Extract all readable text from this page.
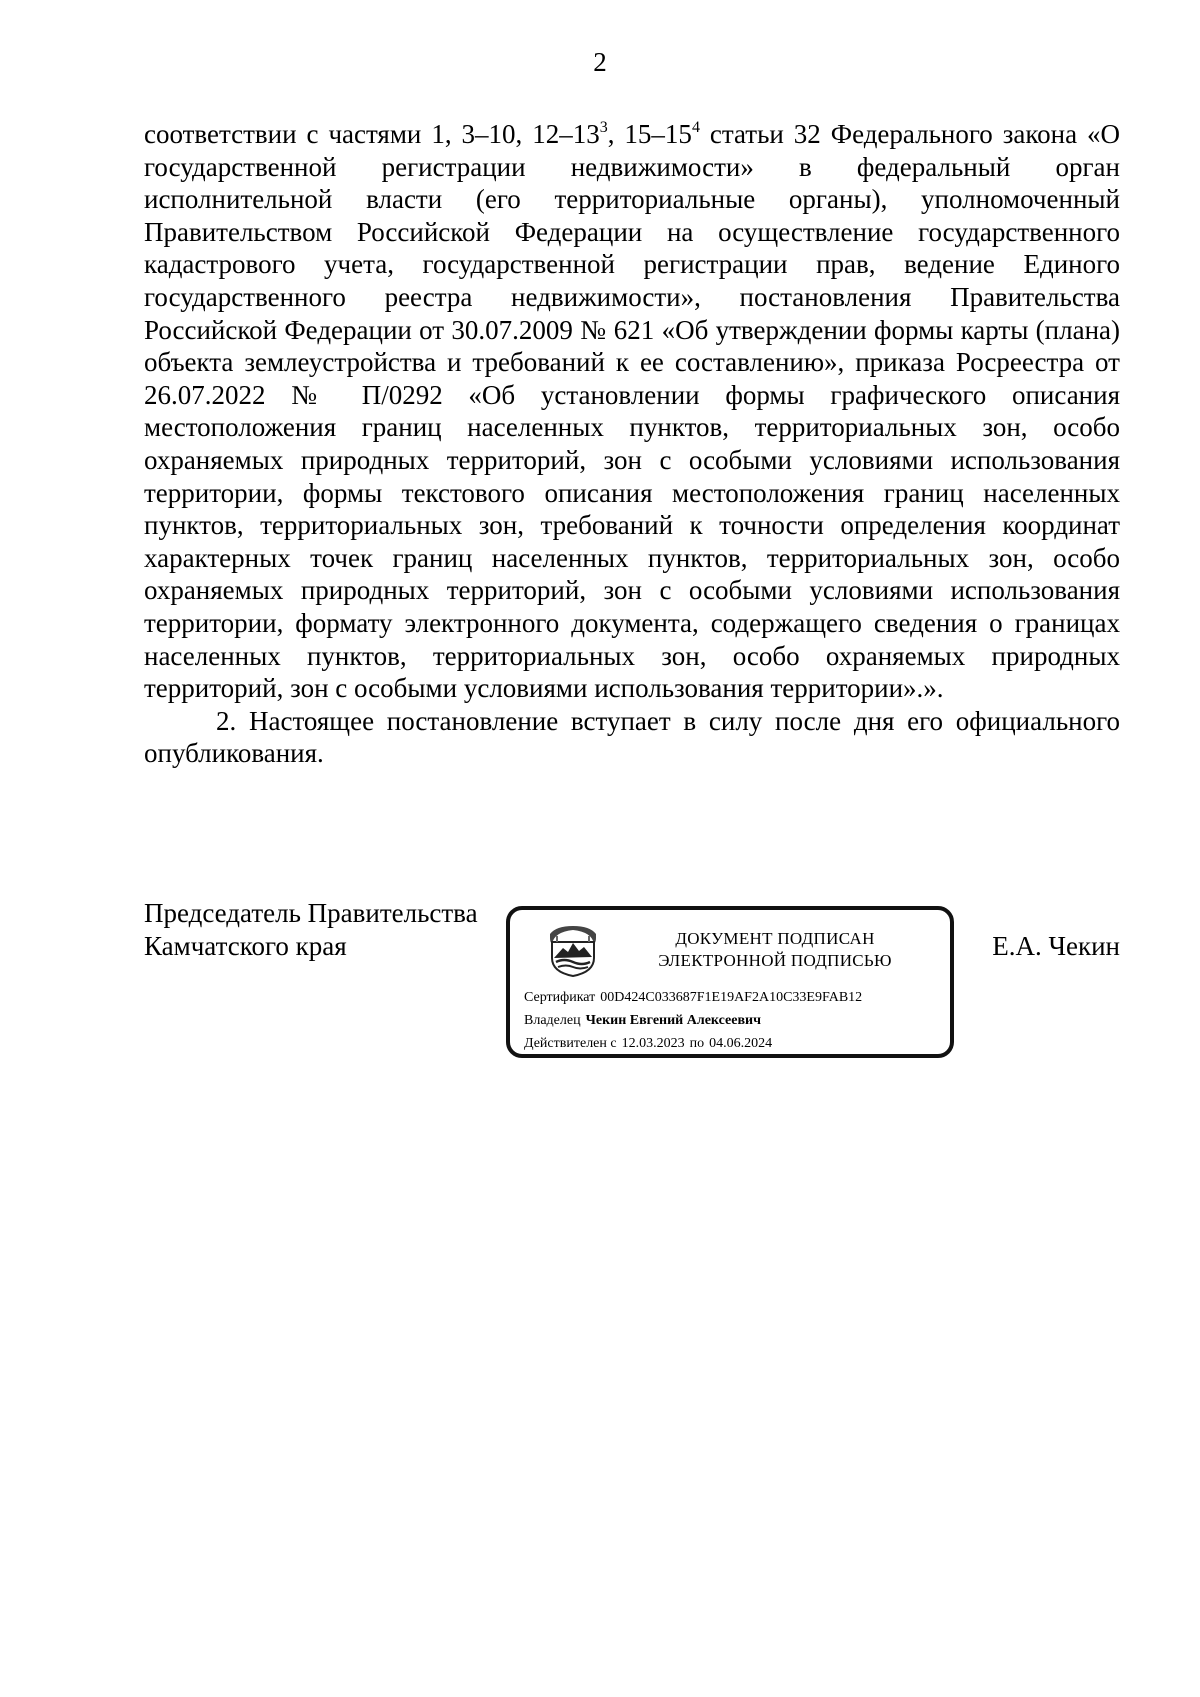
2

соответствии с частями 1, 3–10, $12-13^3$, $15-15^4$ статьи 32 Федерального закона «О государственной регистрации недвижимости» в федеральный орган исполнительной власти (его территориальные органы), уполномоченный Правительством Российской Федерации на осуществление государственного кадастрового учета, государственной регистрации прав, ведение Единого государственного реестра недвижимости», постановления Правительства Российской Федерации от 30.07.2009 № 621 «Об утверждении формы карты (плана) объекта землеустройства и требований к ее составлению», приказа Росреестра от 26.07.2022 № П/0292 «Об установлении формы графического описания местоположения границ населенных пунктов, территориальных зон, особо охраняемых природных территорий, зон с особыми условиями использования территории, формы текстового описания местоположения границ населенных пунктов, территориальных зон, требований к точности определения координат характерных точек границ населенных пунктов, территориальных зон, особо охраняемых природных территорий, зон с особыми условиями использования территории, формату электронного документа, содержащего сведения о границах населенных пунктов, территориальных зон, особо охраняемых природных территорий, зон с особыми условиями использования территории».».

2. Настоящее постановление вступает в силу после дня его официального опубликования.

Председатель Правительства
Камчатского края	ДОКУМЕНТ ПОДПИСАН
ЭЛЕКТРОННОЙ ПОДПИСЬЮ
Сертификат 00D424C033687F1E19AF2A10C33E9FAB12
Владелец Чекин Евгений Алексеевич
Действителен с 12.03.2023 по 04.06.2024
Е.А. Чекин
